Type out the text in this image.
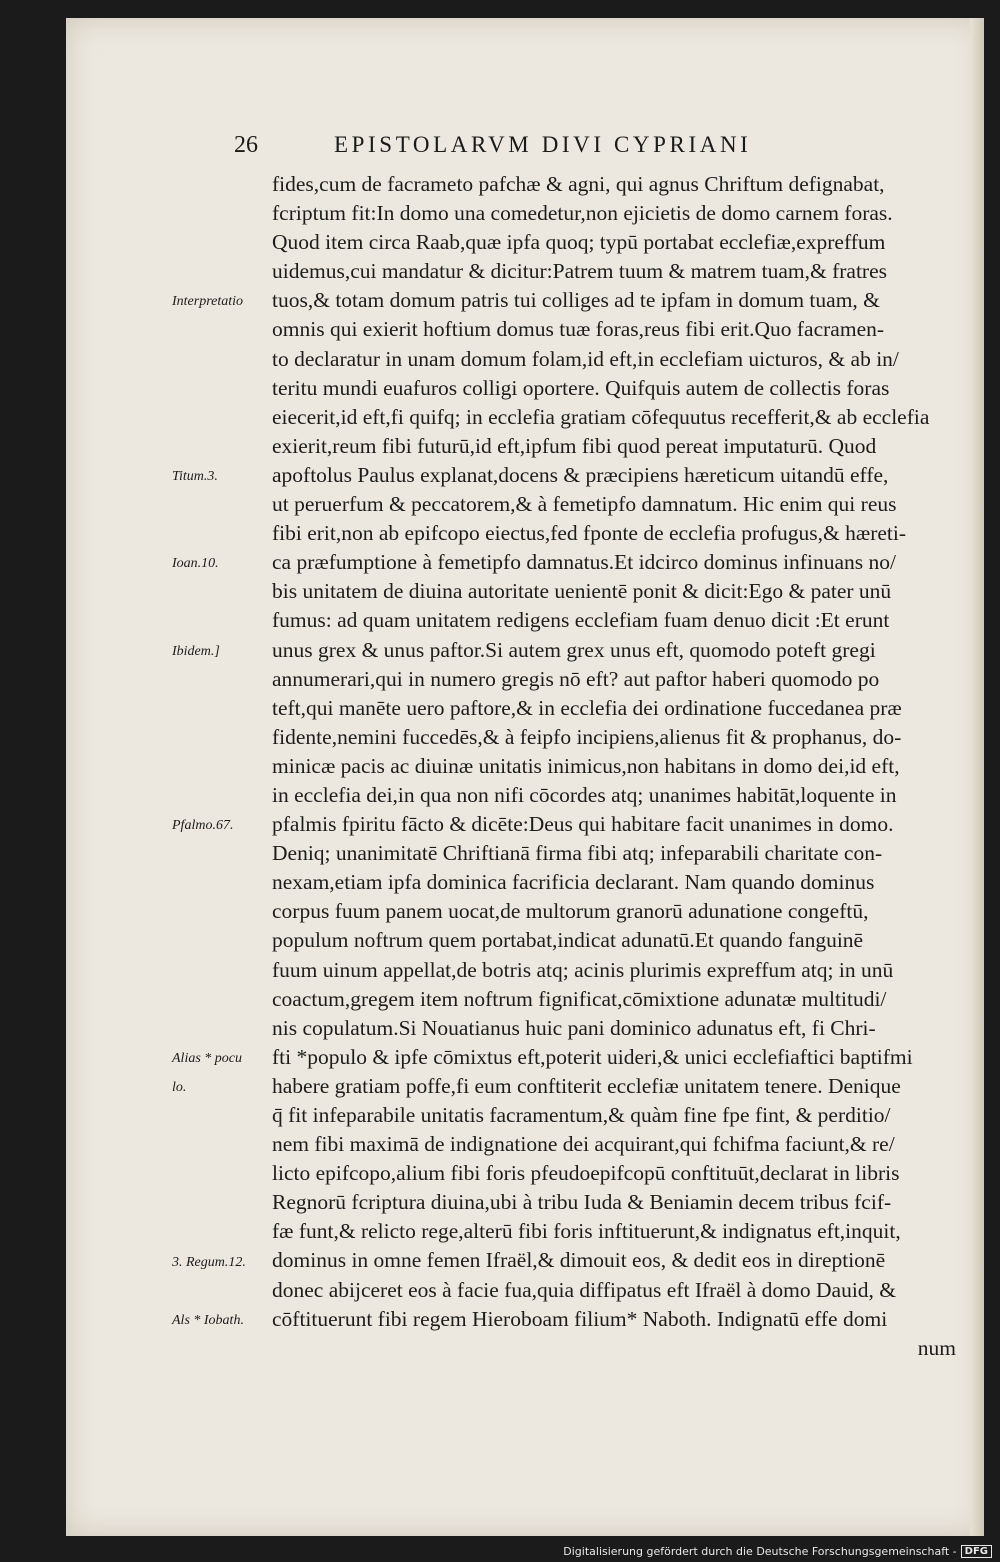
26	EPISTOLARVM DIVI CYPRIANI
fides,cum de facrameto pafchæ & agni, qui agnus Chriftum defignabat,
fcriptum fit:In domo una comedetur,non ejicietis de domo carnem foras.
Quod item circa Raab,quæ ipfa quoq; typū portabat ecclefiæ,expreffum
uidemus,cui mandatur & dicitur:Patrem tuum & matrem tuam,& fratres
tuos,& totam domum patris tui colliges ad te ipfam in domum tuam, &
omnis qui exierit hoftium domus tuæ foras,reus fibi erit.Quo facramen-
to declaratur in unam domum folam,id eft,in ecclefiam uicturos, & ab in/
teritu mundi euafuros colligi oportere. Quifquis autem de collectis foras
eiecerit,id eft,fi quifq; in ecclefia gratiam cōfequutus recefferit,& ab ecclefia
exierit,reum fibi futurū,id eft,ipfum fibi quod pereat imputaturū. Quod
apoftolus Paulus explanat,docens & præcipiens hæreticum uitandū effe,
ut peruerfum & peccatorem,& à femetipfo damnatum. Hic enim qui reus
fibi erit,non ab epifcopo eiectus,fed fponte de ecclefia profugus,& hæreti-
ca præfumptione à femetipfo damnatus.Et idcirco dominus infinuans no/
bis unitatem de diuina autoritate uenientē ponit & dicit:Ego & pater unū
fumus: ad quam unitatem redigens ecclefiam fuam denuo dicit :Et erunt
unus grex & unus paftor.Si autem grex unus eft, quomodo poteft gregi
annumerari,qui in numero gregis nō eft? aut paftor haberi quomodo po
teft,qui manēte uero paftore,& in ecclefia dei ordinatione fuccedanea præ
fidente,nemini fuccedēs,& à feipfo incipiens,alienus fit & prophanus, do-
minicæ pacis ac diuinæ unitatis inimicus,non habitans in domo dei,id eft,
in ecclefia dei,in qua non nifi cōcordes atq; unanimes habitāt,loquente in
pfalmis fpiritu fācto & dicēte:Deus qui habitare facit unanimes in domo.
Deniq; unanimitatē Chriftianā firma fibi atq; infeparabili charitate con-
nexam,etiam ipfa dominica facrificia declarant. Nam quando dominus
corpus fuum panem uocat,de multorum granorū adunatione congeftū,
populum noftrum quem portabat,indicat adunatū.Et quando fanguinē
fuum uinum appellat,de botris atq; acinis plurimis expreffum atq; in unū
coactum,gregem item noftrum fignificat,cōmixtione adunatæ multitudi/
nis copulatum.Si Nouatianus huic pani dominico adunatus eft, fi Chri-
fti *populo & ipfe cōmixtus eft,poterit uideri,& unici ecclefiaftici baptifmi
habere gratiam poffe,fi eum conftiterit ecclefiæ unitatem tenere. Denique
q̄ fit infeparabile unitatis facramentum,& quàm fine fpe fint, & perditio/
nem fibi maximā de indignatione dei acquirant,qui fchifma faciunt,& re/
licto epifcopo,alium fibi foris pfeudoepifcopū conftituūt,declarat in libris
Regnorū fcriptura diuina,ubi à tribu Iuda & Beniamin decem tribus fcif-
fæ funt,& relicto rege,alterū fibi foris inftituerunt,& indignatus eft,inquit,
dominus in omne femen Ifraël,& dimouit eos, & dedit eos in direptionē
donec abijceret eos à facie fua,quia diffipatus eft Ifraël à domo Dauid, &
cōftituerunt fibi regem Hieroboam filium* Naboth. Indignatū effe domi
num
Interpretatio
Titum.3.
Ioan.10.
Ibidem.]
Pfalmo.67.
Alias * pocu
lo.
3. Regum.12.
Als * Iobath.
Digitalisierung gefördert durch die Deutsche Forschungsgemeinschaft - DFG
